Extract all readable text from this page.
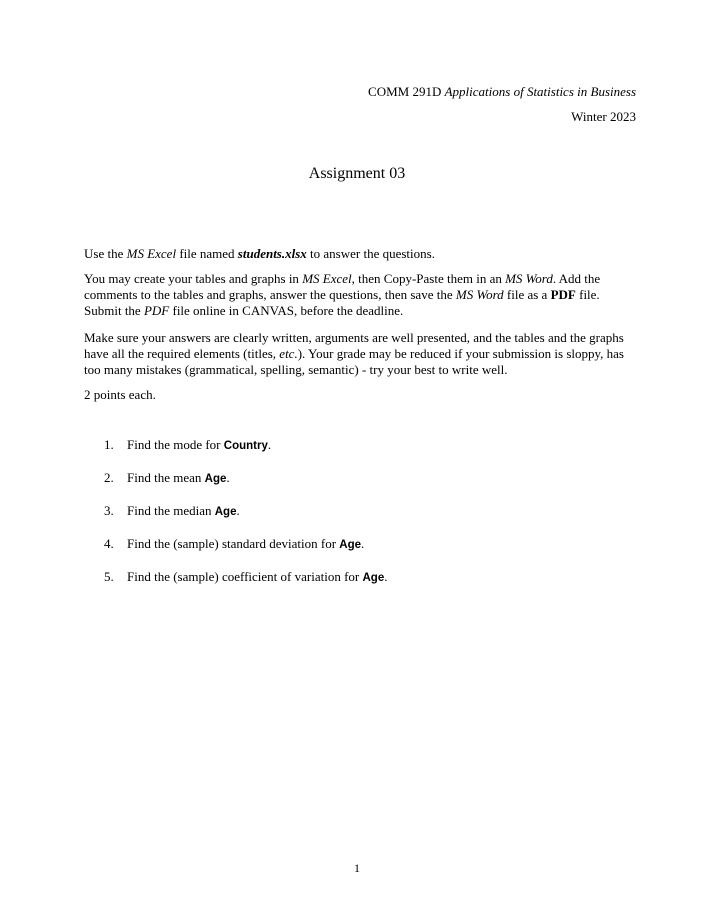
COMM 291D Applications of Statistics in Business
Winter 2023
Assignment 03

Use the MS Excel file named students.xlsx to answer the questions.

You may create your tables and graphs in MS Excel, then Copy-Paste them in an MS Word. Add the comments to the tables and graphs, answer the questions, then save the MS Word file as a PDF file. Submit the PDF file online in CANVAS, before the deadline.

Make sure your answers are clearly written, arguments are well presented, and the tables and the graphs have all the required elements (titles, etc.). Your grade may be reduced if your submission is sloppy, has too many mistakes (grammatical, spelling, semantic) - try your best to write well.

2 points each.

1.	Find the mode for Country.
2.	Find the mean Age.
3.	Find the median Age.
4.	Find the (sample) standard deviation for Age.
5.	Find the (sample) coefficient of variation for Age.
1
